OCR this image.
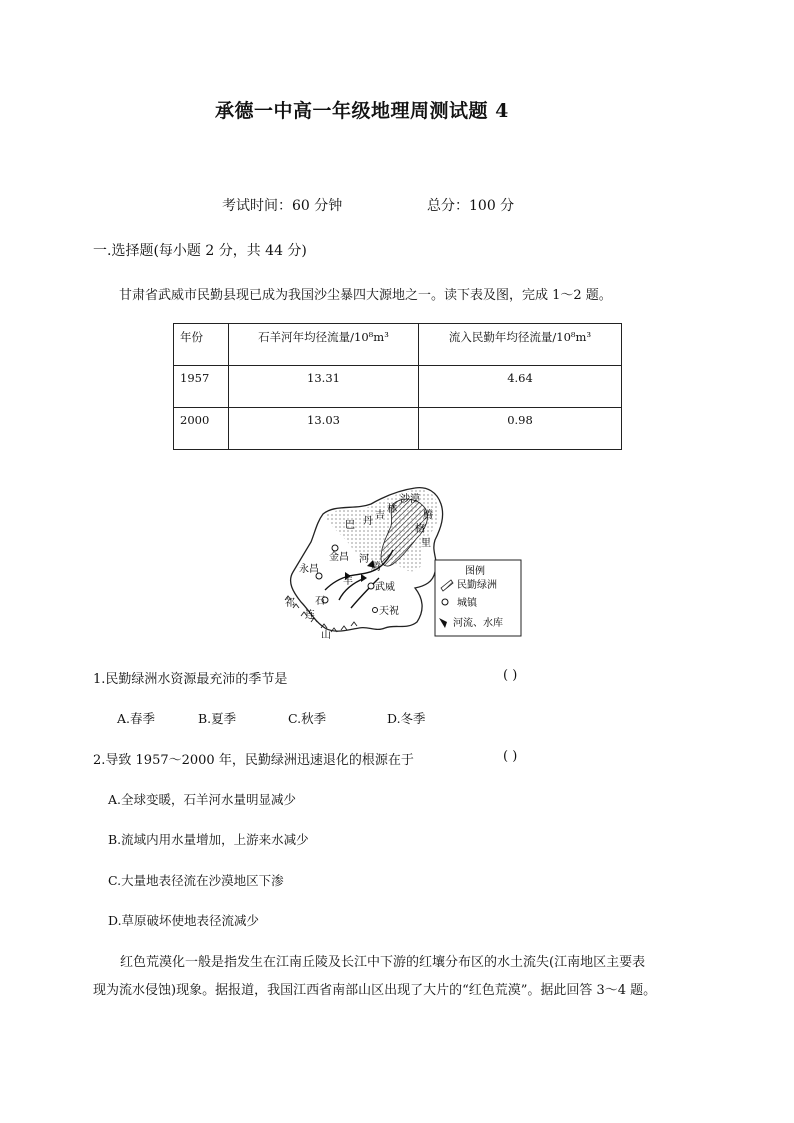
承德一中高一年级地理周测试题 4
考试时间：60 分钟	总分：100 分
一.选择题(每小题 2 分，共 44 分)
甘肃省武威市民勤县现已成为我国沙尘暴四大源地之一。读下表及图，完成 1～2 题。
年份	石羊河年均径流量/10⁸m³	流入民勤年均径流量/10⁸m³
1957	13.31	4.64
2000	13.03	0.98
沙漠
巴 丹
吉
林
腾
格
里
金昌
永昌
河
腾
羊
石
武威
天祝
祁
连
山
图例
民勤绿洲
城镇
河流、水库
1.民勤绿洲水资源最充沛的季节是	( )
A.春季	B.夏季	C.秋季	D.冬季
2.导致 1957～2000 年，民勤绿洲迅速退化的根源在于	( )
A.全球变暖，石羊河水量明显减少
B.流域内用水量增加，上游来水减少
C.大量地表径流在沙漠地区下渗
D.草原破坏使地表径流减少
红色荒漠化一般是指发生在江南丘陵及长江中下游的红壤分布区的水土流失(江南地区主要表
现为流水侵蚀)现象。据报道，我国江西省南部山区出现了大片的“红色荒漠”。据此回答 3～4 题。
